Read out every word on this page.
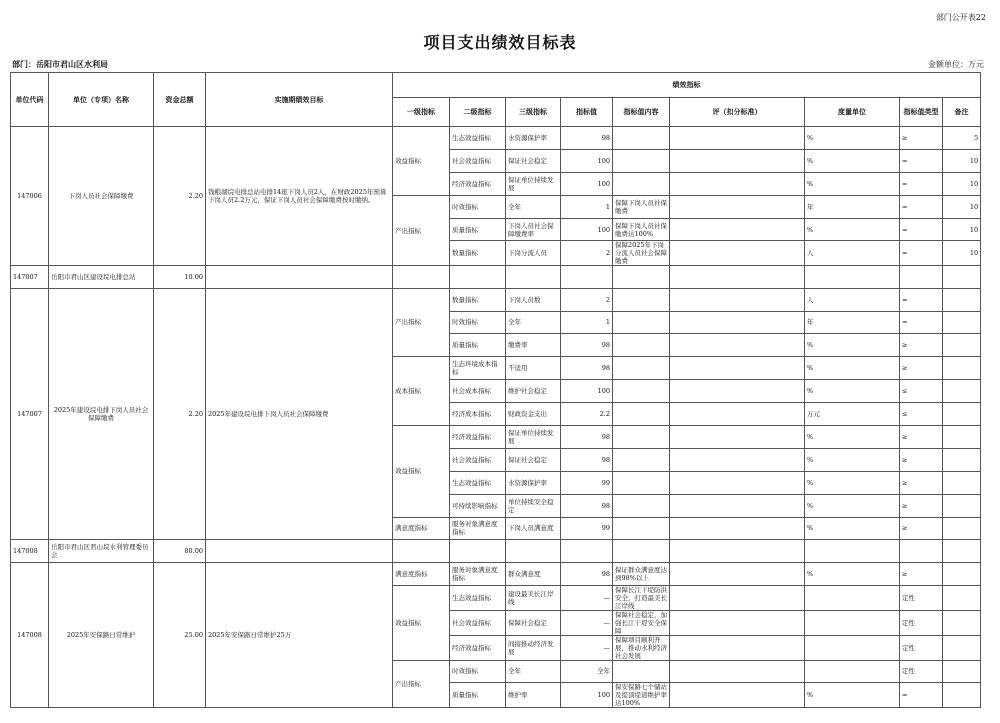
部门公开表22
项目支出绩效目标表
部门：岳阳市君山区水利局	金额单位：万元
单位代码	单位（专项）名称	资金总额	实施期绩效目标	绩效指标								
				一级指标	二级指标	三级指标	指标值	指标值内容	评（扣分标准）	度量单位	指标值类型	备注
147006	下岗人员社会保障缴费	2.20	钱粮湖垸电排总站电排14座下岗人员2人，在财政2025年预算下岗人员2.2万元，保证下岗人员社会保障缴费按时缴纳。	效益指标	生态效益指标	水资源保护率	98			%	≥	5
					社会效益指标	保证社会稳定	100			%	=	10
					经济效益指标	保证单位持续发展	100			%	=	10
				产出指标	时效指标	全年	1	保障下岗人员社保缴费		年	=	10
					质量指标	下岗人员社会保障缴费率	100	保障下岗人员社保缴费达100%		%	=	10
					数量指标	下岗分流人员	2	保障2025年下岗分流人员社会保障缴费		人	=	10
147007	岳阳市君山区建设垸电排总站	10.00										
147007	2025年建设垸电排下岗人员社会保障缴费	2.20	2025年建设垸电排下岗人员社会保障缴费	产出指标	数量指标	下岗人员数	2			人	=	
					时效指标	全年	1			年	=	
					质量指标	缴费率	98			%	≥	
				成本指标	生态环境成本指标	不适用	98			%	≥	
					社会成本指标	维护社会稳定	100			%	≤	
					经济成本指标	财政资金支出	2.2			万元	≤	
				效益指标	经济效益指标	保证单位持续发展	98			%	≥	
					社会效益指标	保证社会稳定	98			%	≥	
					生态效益指标	水资源保护率	99			%	≥	
					可持续影响指标	单位持续安全稳定	98			%	≥	
				满意度指标	服务对象满意度指标	下岗人员满意度	99			%	≥	
147008	岳阳市君山区君山垸水利管理委员会	80.00										
147008	2025年安保路日常维护	25.00	2025年安保路日常维护25万	满意度指标	服务对象满意度指标	群众满意度	98	保证群众满意度达到98%以上		%	≥	
				效益指标	生态效益指标	建设最美长江岸线	—	保障长江干堤防洪安全，打造最美长江岸线			定性	
					社会效益指标	保障社会稳定	—	保障社会稳定，加强长江干堤安全保障			定性	
					经济效益指标	间接推动经济发展	—	保障项目顺利开展，推动水利经济社会发展			定性	
				产出指标	时效指标	全年	全年				定性	
					质量指标	维护率	100	保安保路七个储站及提顶堤道维护率达100%		%	=	
